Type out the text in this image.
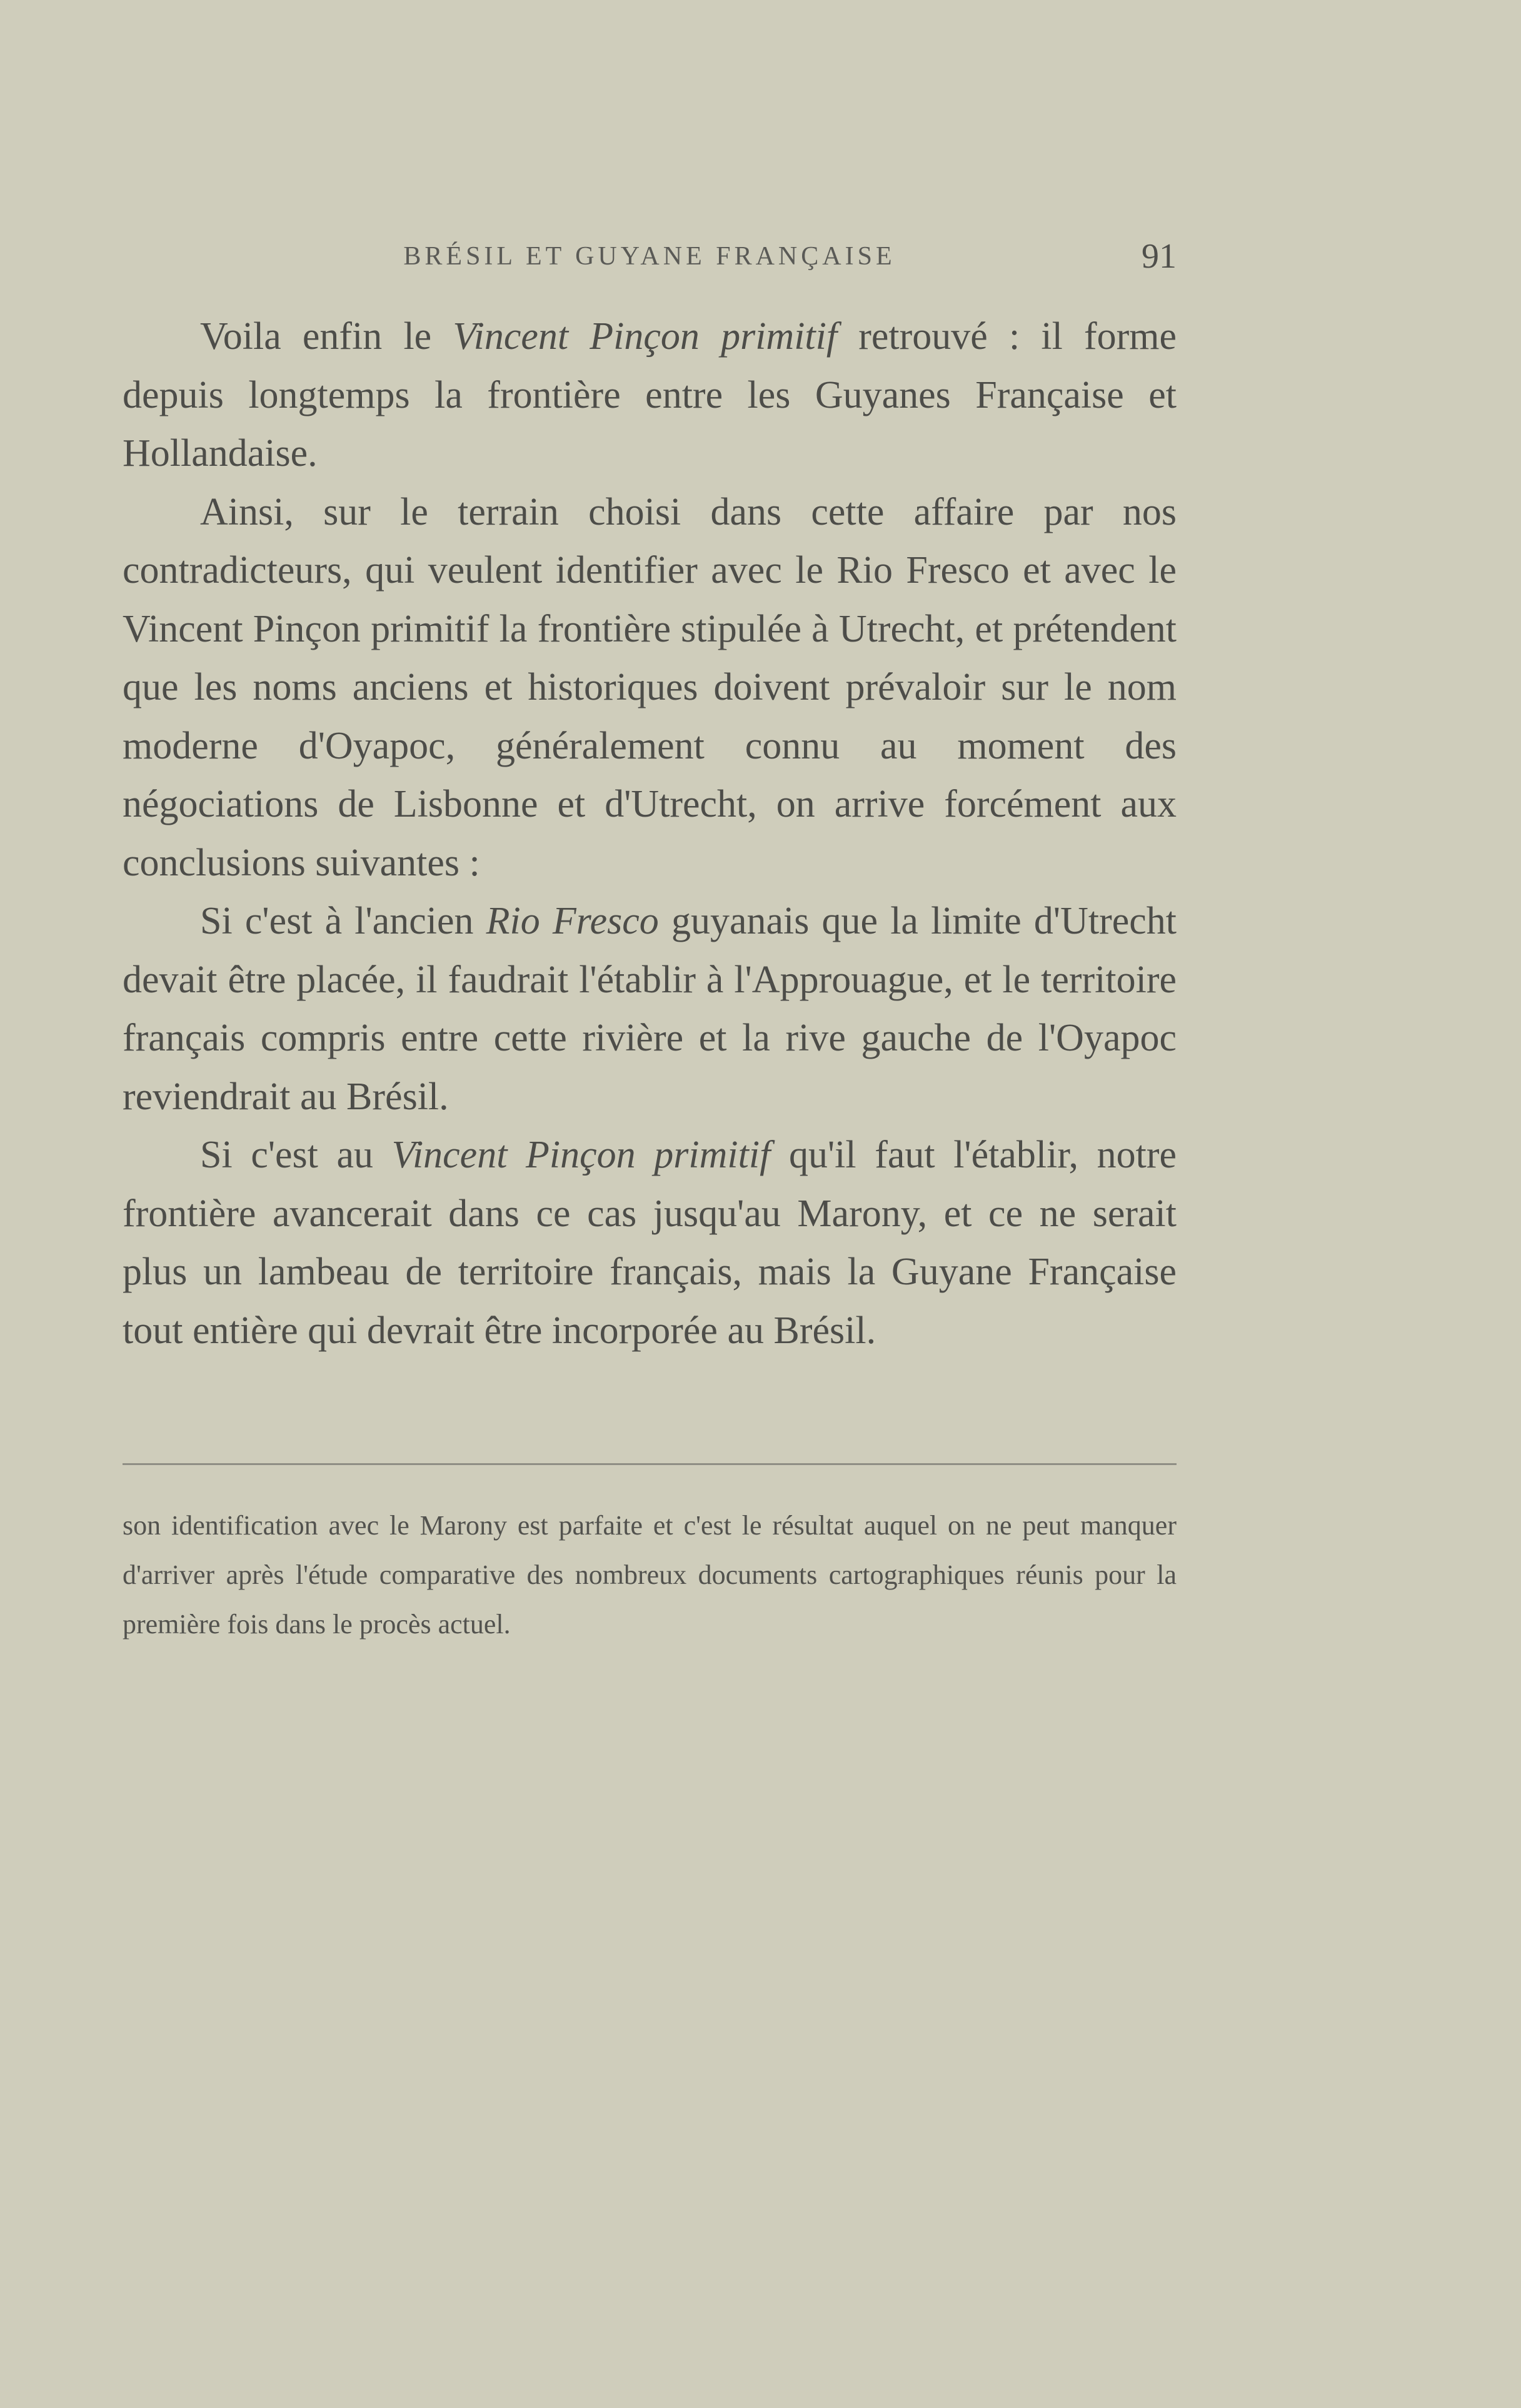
BRÉSIL ET GUYANE FRANÇAISE	91

Voila enfin le Vincent Pinçon primitif retrouvé : il forme depuis longtemps la frontière entre les Guyanes Française et Hollandaise.

Ainsi, sur le terrain choisi dans cette affaire par nos contradicteurs, qui veulent identifier avec le Rio Fresco et avec le Vincent Pinçon primitif la frontière stipulée à Utrecht, et prétendent que les noms anciens et historiques doivent prévaloir sur le nom moderne d'Oyapoc, généralement connu au moment des négociations de Lisbonne et d'Utrecht, on arrive forcément aux conclusions suivantes :

Si c'est à l'ancien Rio Fresco guyanais que la limite d'Utrecht devait être placée, il faudrait l'établir à l'Approuague, et le territoire français compris entre cette rivière et la rive gauche de l'Oyapoc reviendrait au Brésil.

Si c'est au Vincent Pinçon primitif qu'il faut l'établir, notre frontière avancerait dans ce cas jusqu'au Marony, et ce ne serait plus un lambeau de territoire français, mais la Guyane Française tout entière qui devrait être incorporée au Brésil.

son identification avec le Marony est parfaite et c'est le résultat auquel on ne peut manquer d'arriver après l'étude comparative des nombreux documents cartographiques réunis pour la première fois dans le procès actuel.
